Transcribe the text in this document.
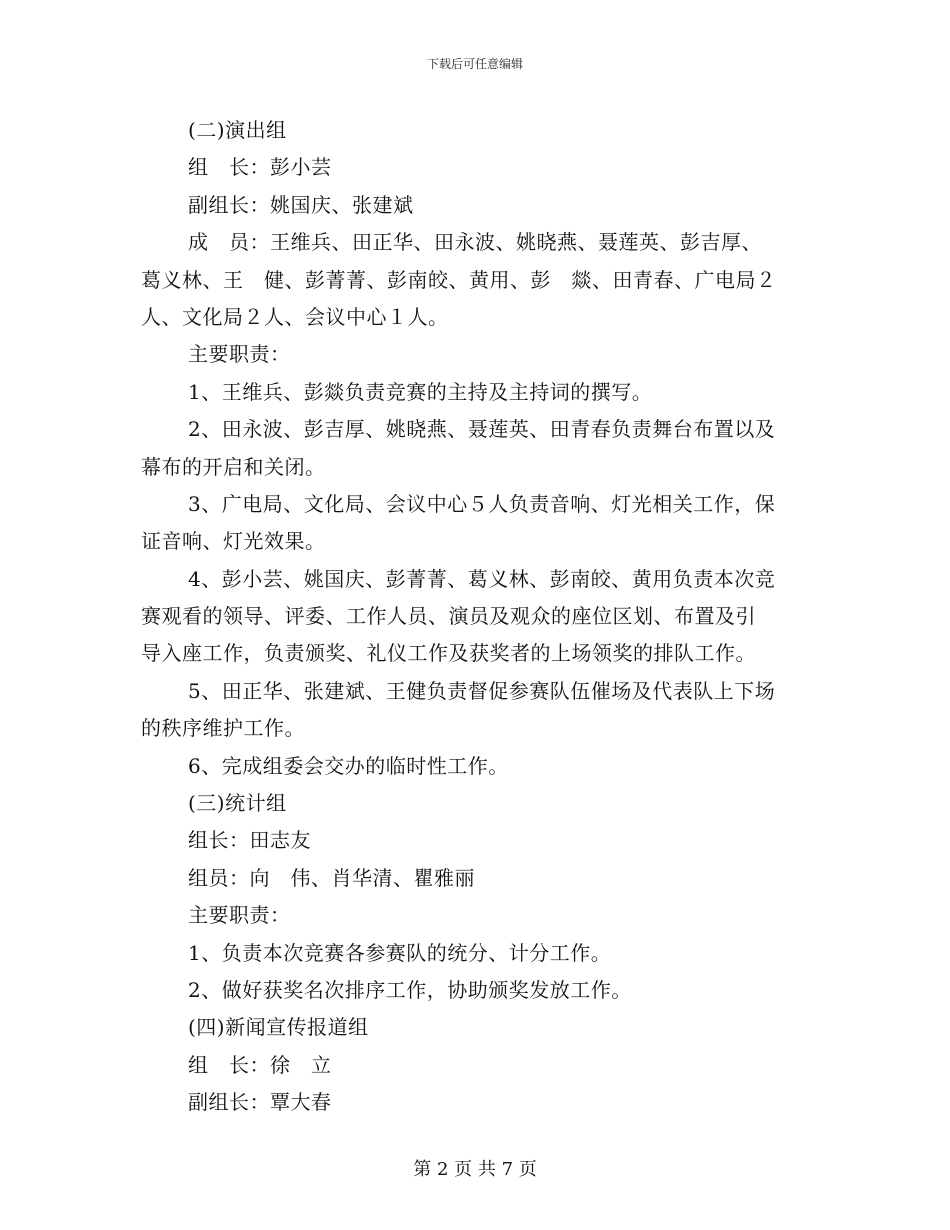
下载后可任意编辑
(二)演出组
组　长：彭小芸
副组长：姚国庆、张建斌
成　员：王维兵、田正华、田永波、姚晓燕、聂莲英、彭吉厚、
葛义林、王　健、彭菁菁、彭南皎、黄用、彭　燚、田青春、广电局２
人、文化局２人、会议中心１人。
主要职责：
1、王维兵、彭燚负责竞赛的主持及主持词的撰写。
2、田永波、彭吉厚、姚晓燕、聂莲英、田青春负责舞台布置以及
幕布的开启和关闭。
3、广电局、文化局、会议中心５人负责音响、灯光相关工作，保
证音响、灯光效果。
4、彭小芸、姚国庆、彭菁菁、葛义林、彭南皎、黄用负责本次竞
赛观看的领导、评委、工作人员、演员及观众的座位区划、布置及引
导入座工作，负责颁奖、礼仪工作及获奖者的上场领奖的排队工作。
5、田正华、张建斌、王健负责督促参赛队伍催场及代表队上下场
的秩序维护工作。
6、完成组委会交办的临时性工作。
(三)统计组
组长：田志友
组员：向　伟、肖华清、瞿雅丽
主要职责：
1、负责本次竞赛各参赛队的统分、计分工作。
2、做好获奖名次排序工作，协助颁奖发放工作。
(四)新闻宣传报道组
组　长：徐　立
副组长：覃大春
第 2 页 共 7 页
